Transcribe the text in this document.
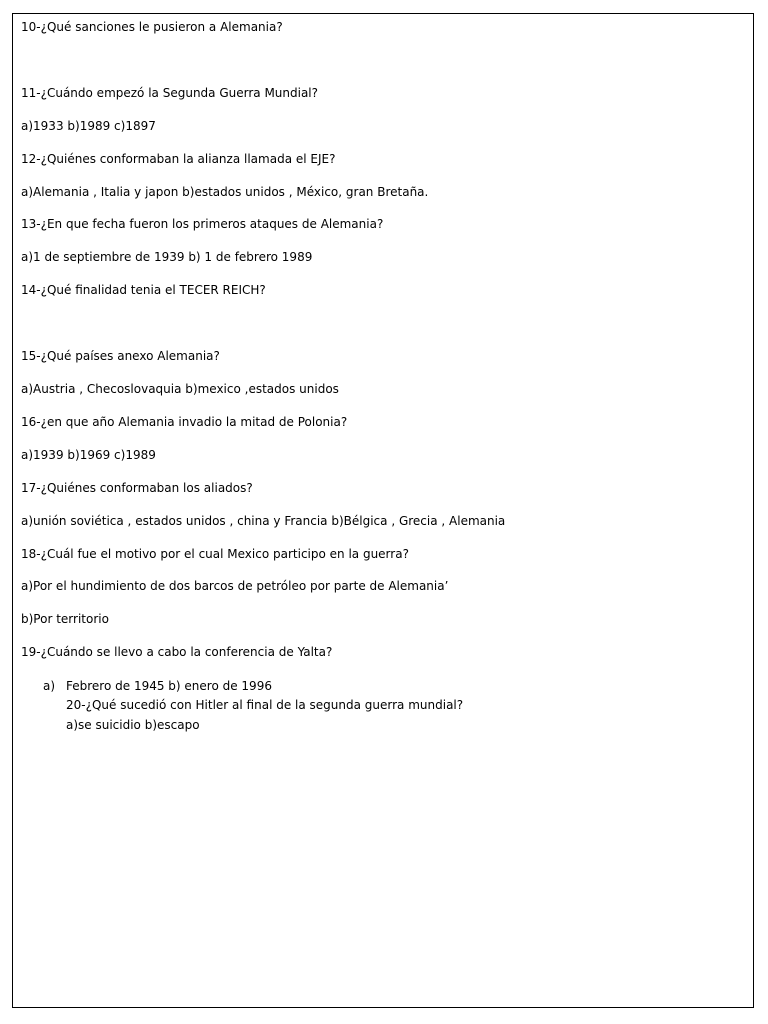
10-¿Qué sanciones le pusieron a Alemania?
11-¿Cuándo empezó la Segunda Guerra Mundial?
a)1933 b)1989 c)1897
12-¿Quiénes conformaban la alianza llamada el EJE?
a)Alemania , Italia y japon b)estados unidos , México, gran Bretaña.
13-¿En que fecha fueron los primeros ataques de Alemania?
a)1 de septiembre de 1939 b) 1 de febrero 1989
14-¿Qué finalidad tenia el TECER REICH?
15-¿Qué países anexo Alemania?
a)Austria , Checoslovaquia b)mexico ,estados unidos
16-¿en que año Alemania invadio la mitad de Polonia?
a)1939 b)1969 c)1989
17-¿Quiénes conformaban los aliados?
a)unión soviética , estados unidos , china y Francia b)Bélgica , Grecia , Alemania
18-¿Cuál fue el motivo por el cual Mexico participo en la guerra?
a)Por el hundimiento de dos barcos de petróleo por parte de Alemania’
b)Por territorio
19-¿Cuándo se llevo a cabo la conferencia de Yalta?
a) Febrero de 1945 b) enero de 1996
20-¿Qué sucedió con Hitler al final de la segunda guerra mundial?
a)se suicidio b)escapo
